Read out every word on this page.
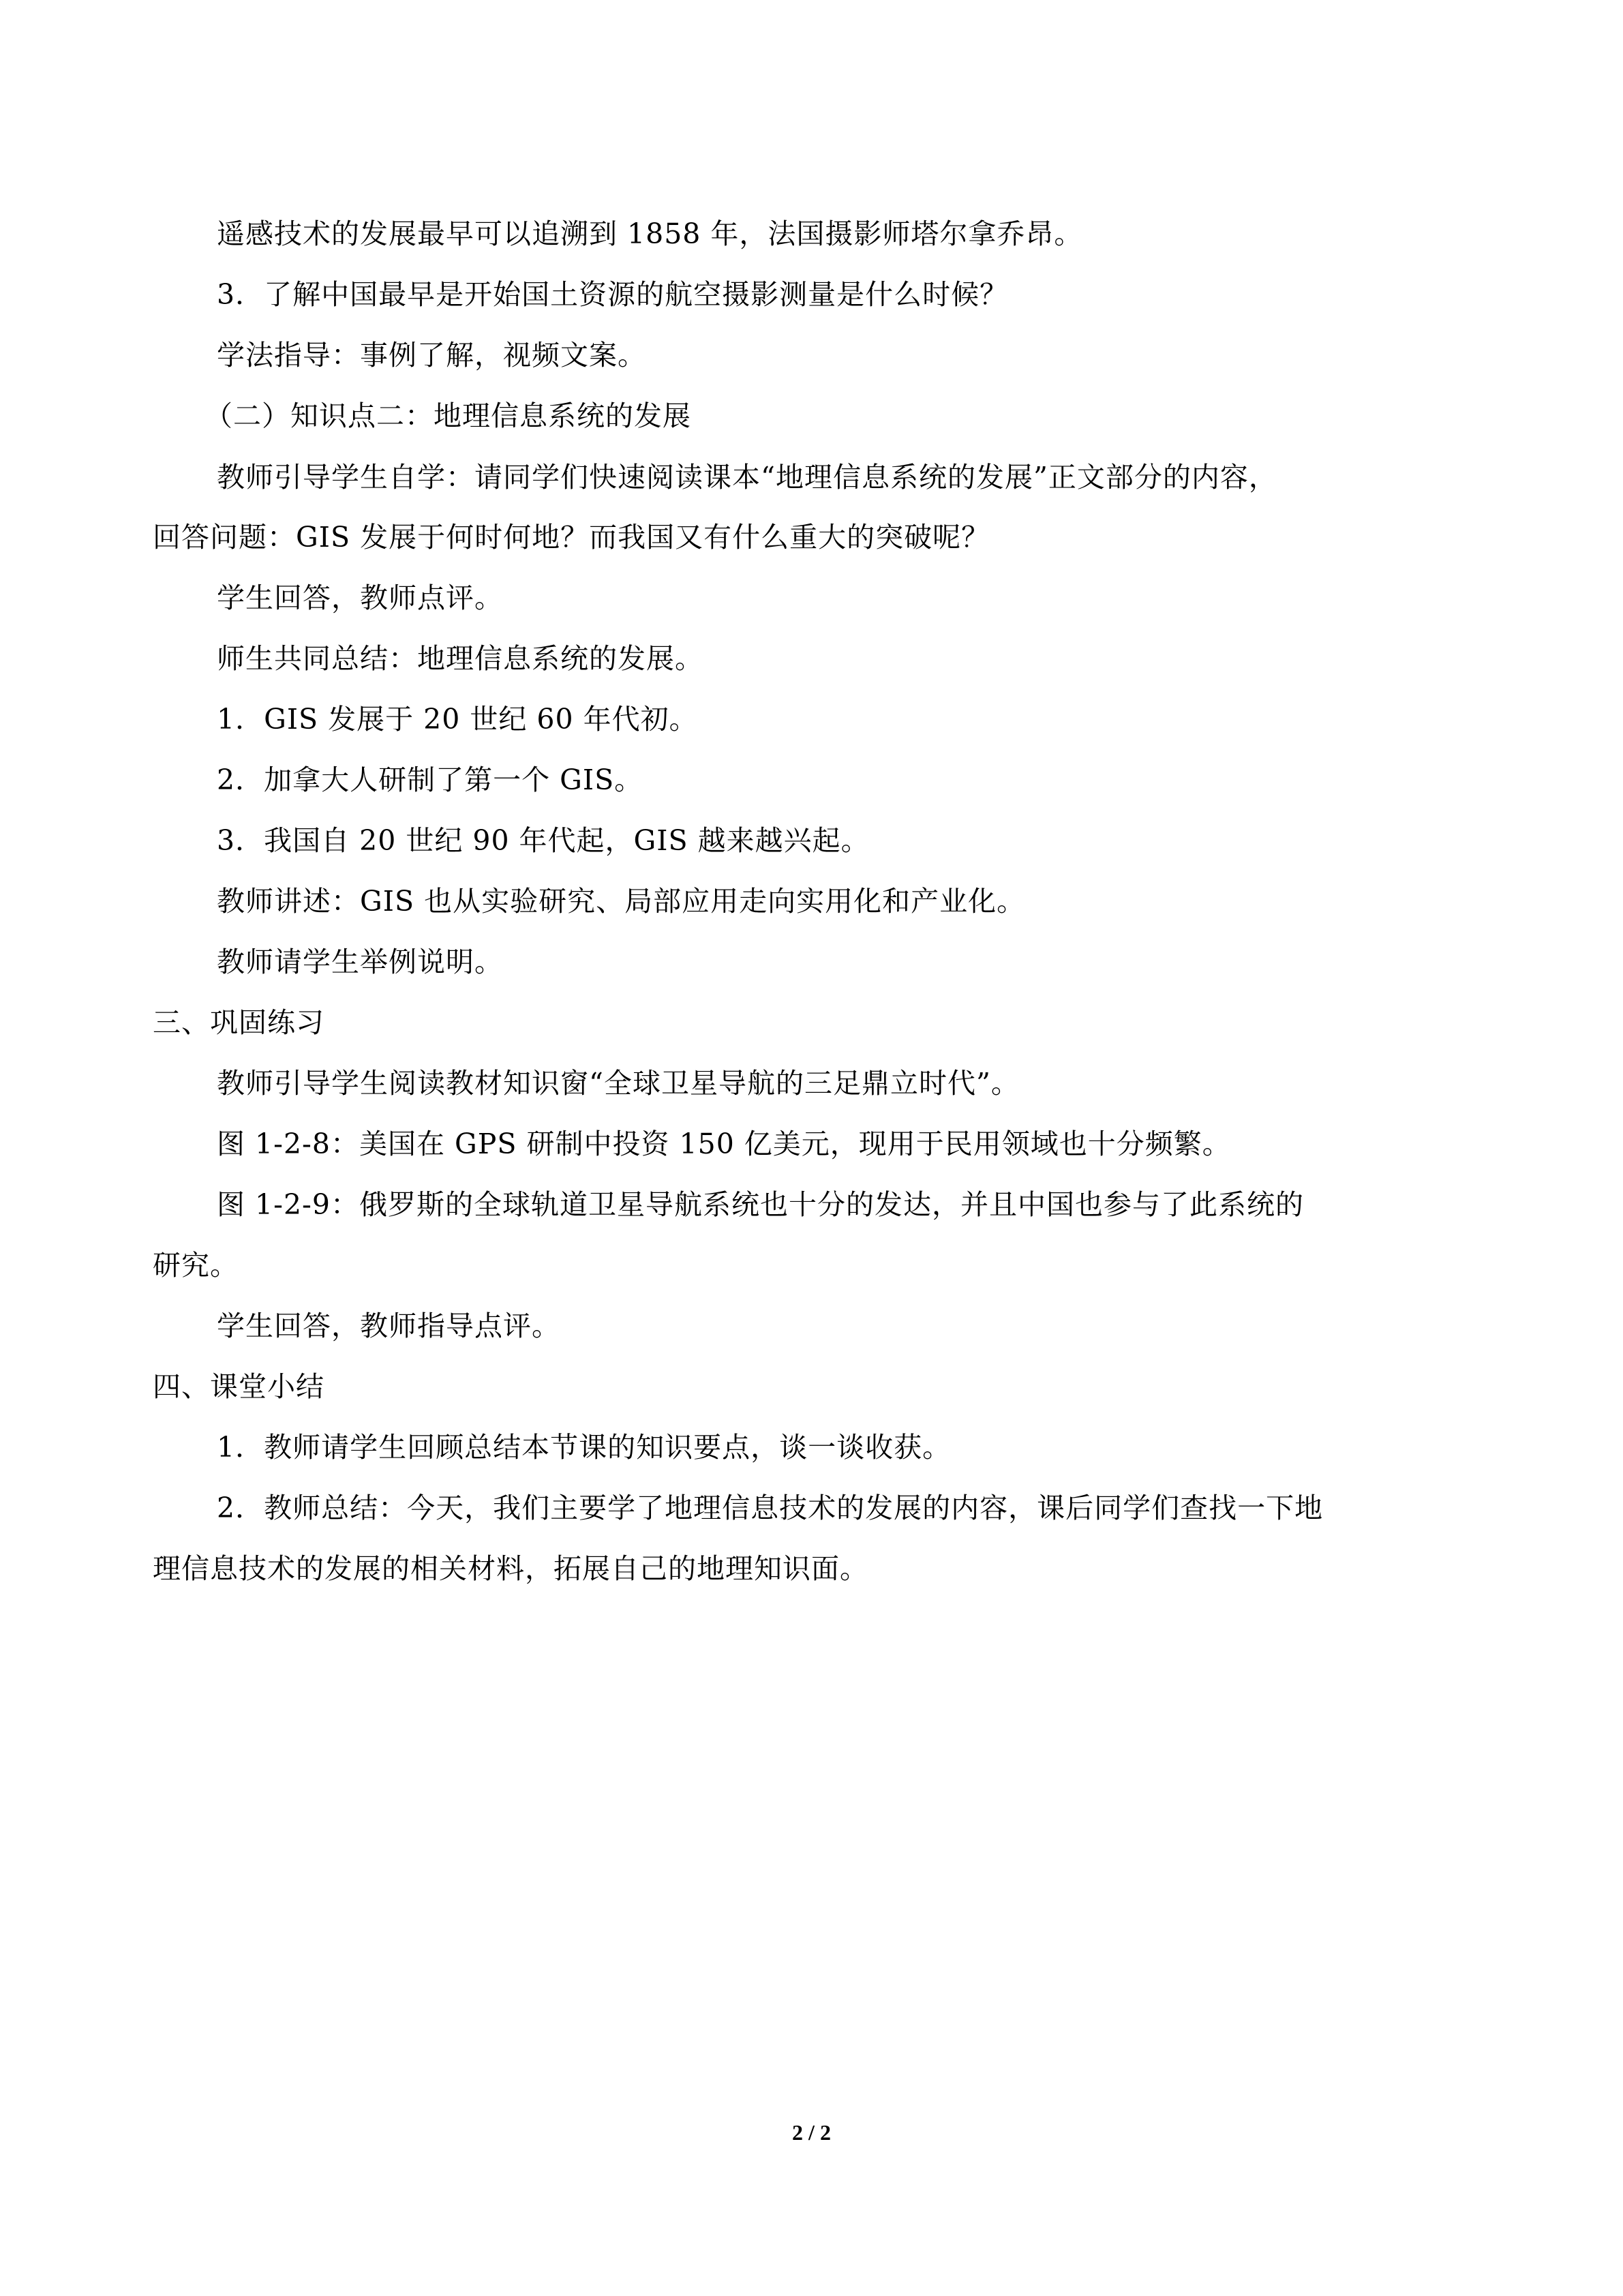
遥感技术的发展最早可以追溯到 1858 年，法国摄影师塔尔拿乔昂。
3．了解中国最早是开始国土资源的航空摄影测量是什么时候？
学法指导：事例了解，视频文案。
（二）知识点二：地理信息系统的发展
教师引导学生自学：请同学们快速阅读课本“地理信息系统的发展”正文部分的内容，
回答问题：GIS 发展于何时何地？而我国又有什么重大的突破呢？
学生回答，教师点评。
师生共同总结：地理信息系统的发展。
1．GIS 发展于 20 世纪 60 年代初。
2．加拿大人研制了第一个 GIS。
3．我国自 20 世纪 90 年代起，GIS 越来越兴起。
教师讲述：GIS 也从实验研究、局部应用走向实用化和产业化。
教师请学生举例说明。
三、巩固练习
教师引导学生阅读教材知识窗“全球卫星导航的三足鼎立时代”。
图 1-2-8：美国在 GPS 研制中投资 150 亿美元，现用于民用领域也十分频繁。
图 1-2-9：俄罗斯的全球轨道卫星导航系统也十分的发达，并且中国也参与了此系统的
研究。
学生回答，教师指导点评。
四、课堂小结
1．教师请学生回顾总结本节课的知识要点，谈一谈收获。
2．教师总结：今天，我们主要学了地理信息技术的发展的内容，课后同学们查找一下地
理信息技术的发展的相关材料，拓展自己的地理知识面。
2 / 2
